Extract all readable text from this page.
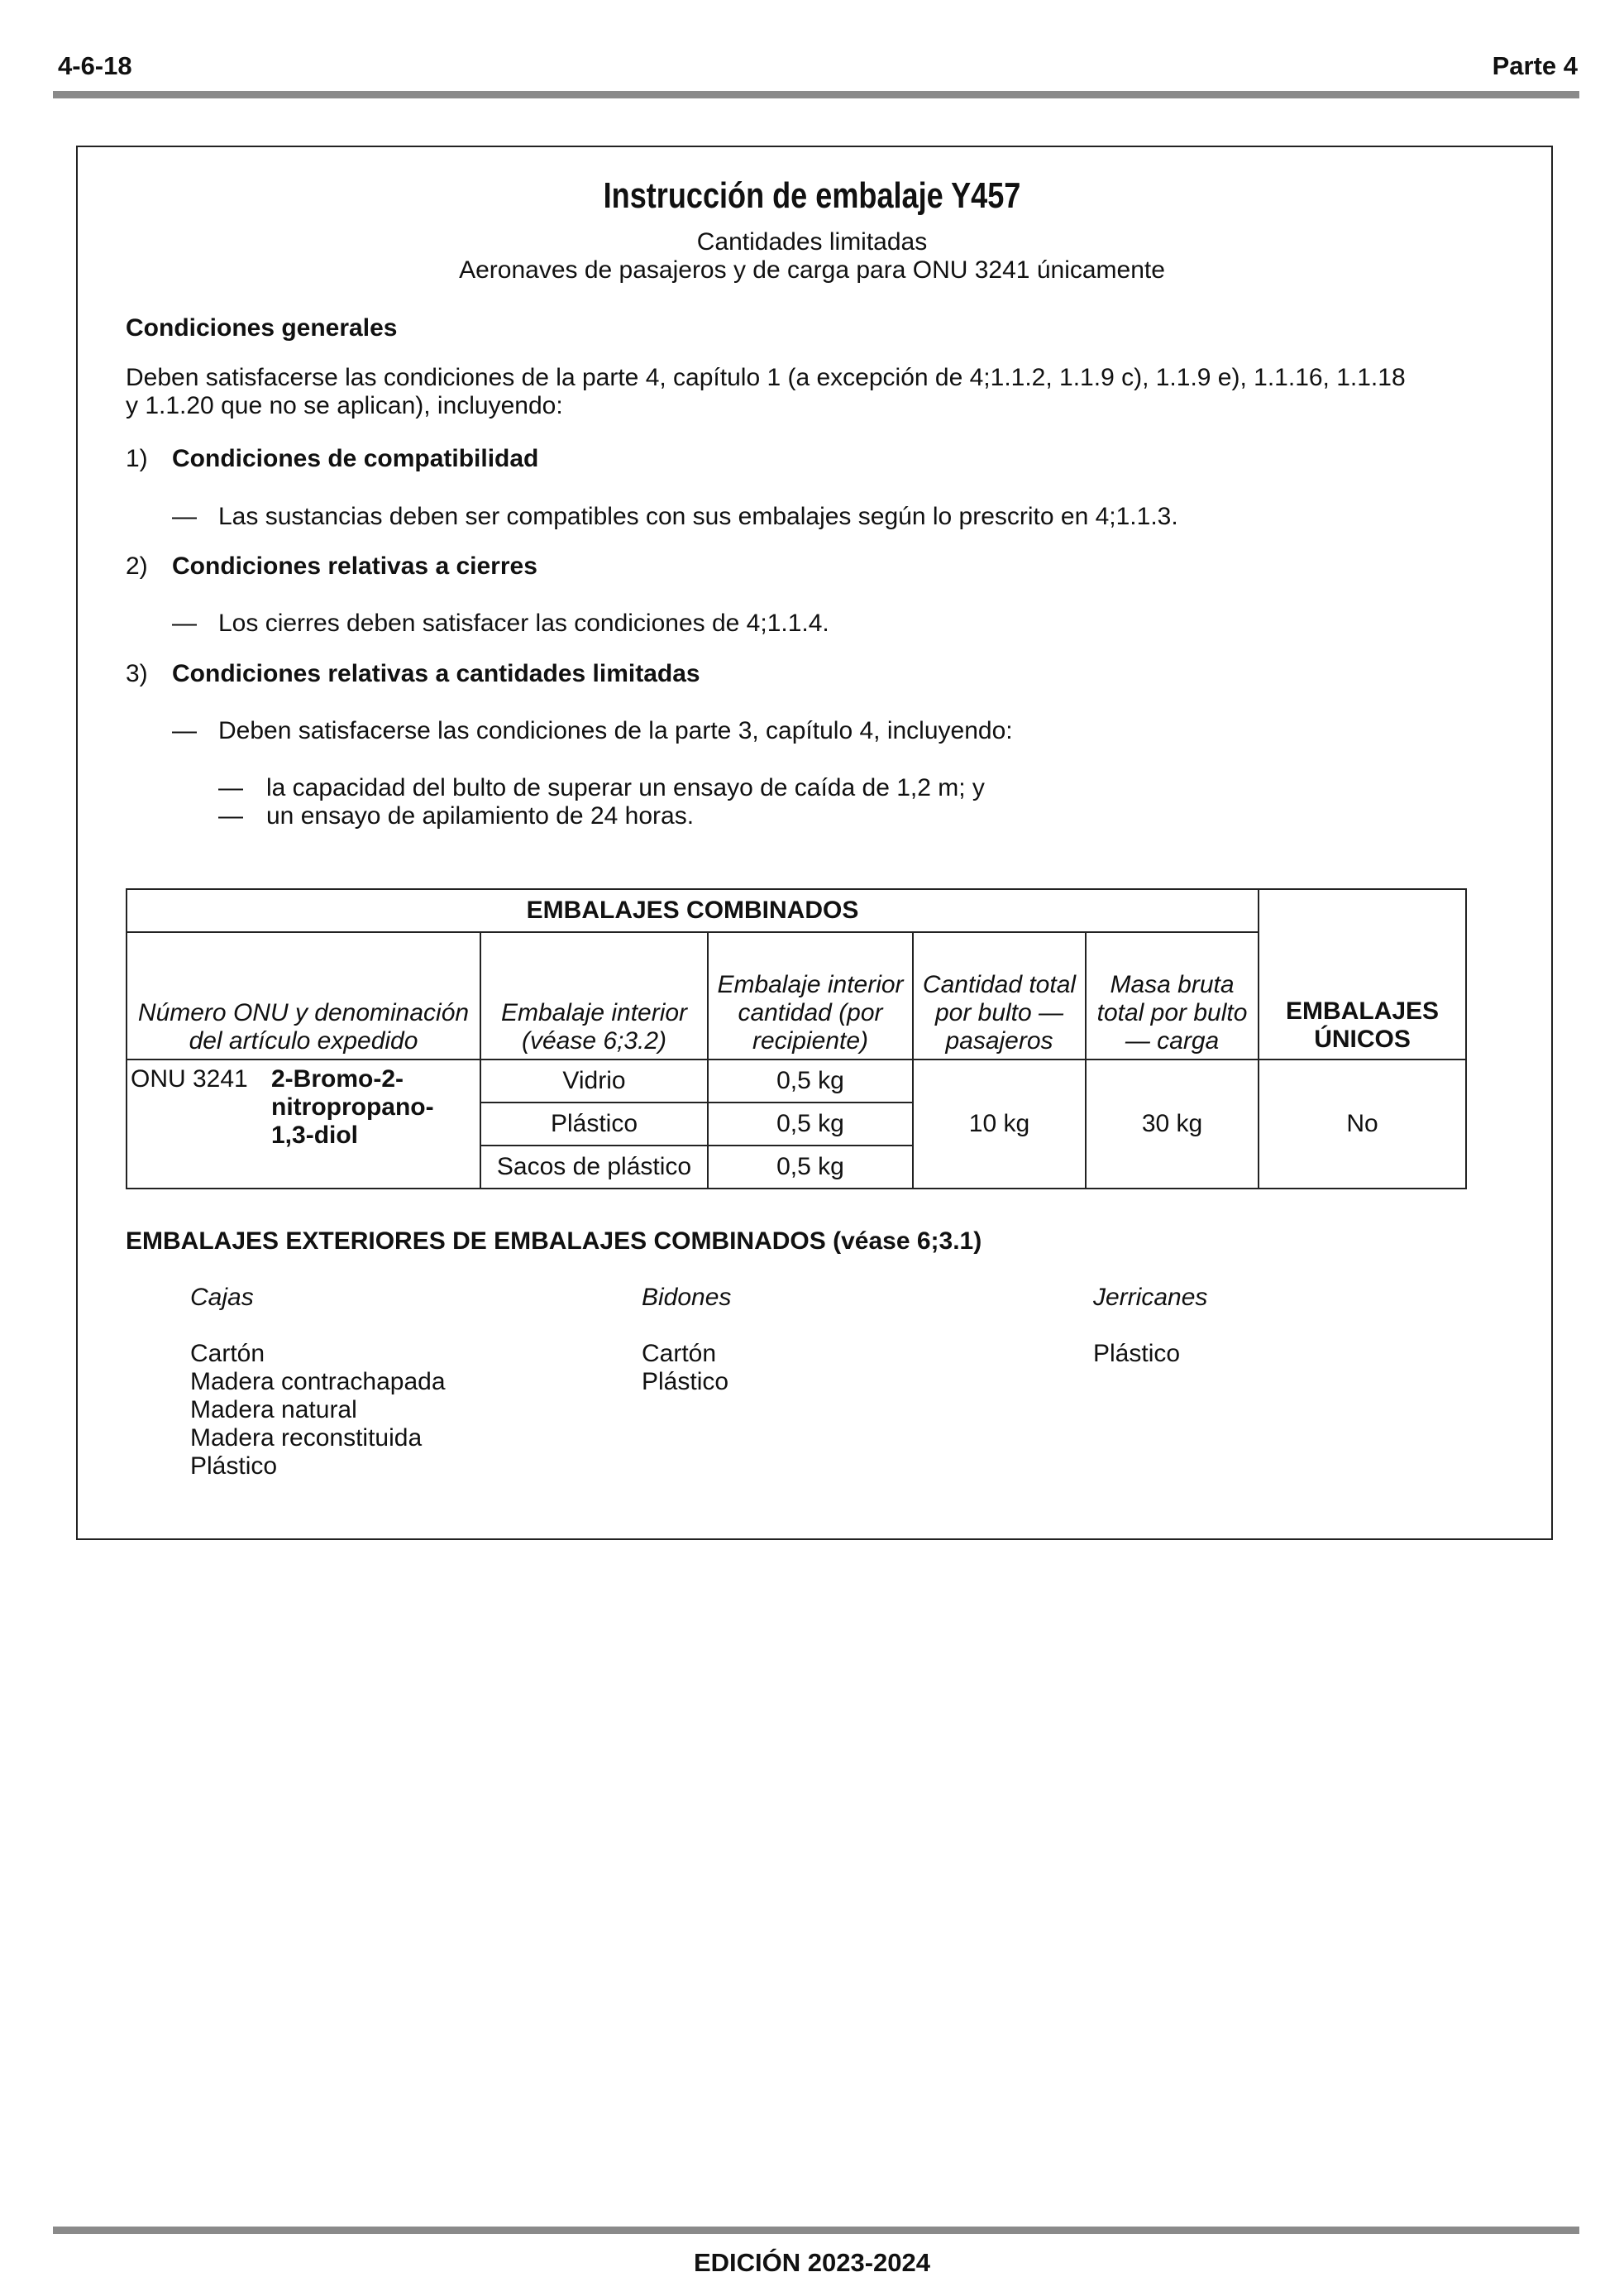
4-6-18	Parte 4
Instrucción de embalaje Y457
Cantidades limitadas
Aeronaves de pasajeros y de carga para ONU 3241 únicamente
Condiciones generales
Deben satisfacerse las condiciones de la parte 4, capítulo 1 (a excepción de 4;1.1.2, 1.1.9 c), 1.1.9 e), 1.1.16, 1.1.18
y 1.1.20 que no se aplican), incluyendo:
1) Condiciones de compatibilidad
— Las sustancias deben ser compatibles con sus embalajes según lo prescrito en 4;1.1.3.
2) Condiciones relativas a cierres
— Los cierres deben satisfacer las condiciones de 4;1.1.4.
3) Condiciones relativas a cantidades limitadas
— Deben satisfacerse las condiciones de la parte 3, capítulo 4, incluyendo:
— la capacidad del bulto de superar un ensayo de caída de 1,2 m; y
— un ensayo de apilamiento de 24 horas.
EMBALAJES COMBINADOS					EMBALAJES ÚNICOS
Número ONU y denominación del artículo expedido	Embalaje interior (véase 6;3.2)	Embalaje interior cantidad (por recipiente)	Cantidad total por bulto — pasajeros	Masa bruta total por bulto — carga	
ONU 3241 2-Bromo-2-nitropropano-1,3-diol	Vidrio	0,5 kg	10 kg	30 kg	No
	Plástico	0,5 kg			
	Sacos de plástico	0,5 kg			
EMBALAJES EXTERIORES DE EMBALAJES COMBINADOS (véase 6;3.1)
Cajas
Cartón
Madera contrachapada
Madera natural
Madera reconstituida
Plástico
Bidones
Cartón
Plástico
Jerricanes
Plástico
EDICIÓN 2023-2024
